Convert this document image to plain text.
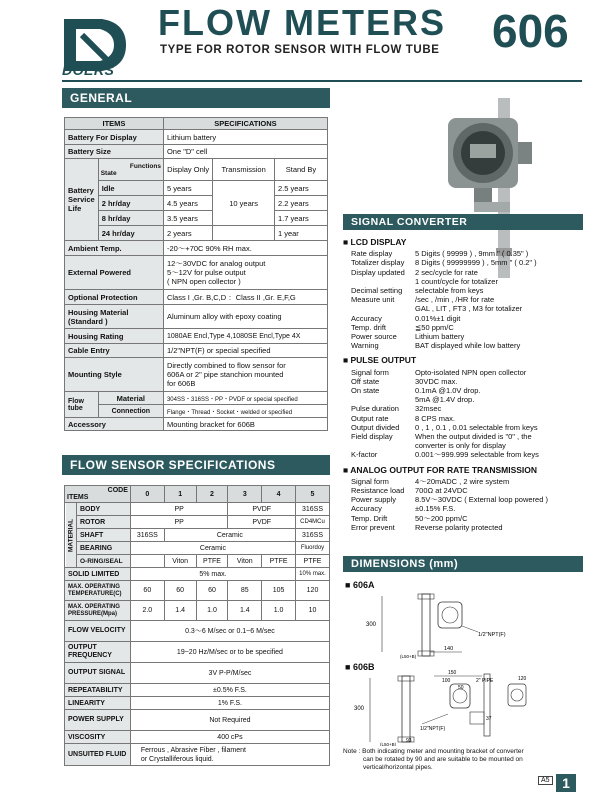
DOERS
FLOW METERS
TYPE FOR ROTOR SENSOR WITH FLOW TUBE 606
GENERAL
ITEMS		SPECIFICATIONS		
Battery For Display		Lithium battery		
Battery Size		One "D" cell		
Battery Service Life	Functions
State	Display Only	Transmission	Stand By
	Idle	5 years	10 years	2.5 years
	2 hr/day	4.5 years		2.2 years
	8 hr/day	3.5 years		1.7 years
	24 hr/day	2 years		1 year
Ambient Temp.		-20～+70C 90% RH max.		
External Powered		12～30VDC for analog output
5～12V for pulse output
( NPN open collector )		

Optional Protection		Class I ,Gr. B,C,D ：Class II ,Gr. E,F,G		
Housing Material (Standard )		Aluminum alloy with epoxy coating		
Housing Rating		1080AE Encl,Type 4,1080SE Encl,Type 4X		
Cable Entry		1/2"NPT(F) or special specified		
Mounting Style		Directly combined to flow sensor for
606A or 2" pipe stanchion mounted
for 606B		

Flow tube	Material	304SS・316SS・PP・PVDF or special specified		
	Connection	Flange・Thread・Socket・welded or specified		
Accessory		Mounting bracket for 606B		
FLOW SENSOR SPECIFICATIONS
CODE
ITEMS		0	1	2	3	4	5
MATERIAL	BODY	PP			PVDF		316SS
	ROTOR	PP			PVDF		CD4MCu
	SHAFT	316SS	Ceramic				316SS
	BEARING	Ceramic					Fluordoy
	O-RING/SEAL		Viton	PTFE	Viton	PTFE	PTFE
SOLID LIMITED		5% max.					10% max.
MAX. OPERATING TEMPERATURE(C)		60	60	60	85	105	120
MAX. OPERATING PRESSURE(Mpa)		2.0	1.4	1.0	1.4	1.0	10
FLOW VELOCITY		0.3～6 M/sec or 0.1~6 M/sec					
OUTPUT FREQUENCY		19~20 Hz/M/sec or to be specified					
OUTPUT SIGNAL		3V P-P/M/sec					
REPEATABILITY		±0.5% F.S.					
LINEARITY		1% F.S.					
POWER SUPPLY		Not Required					
VISCOSITY		400 cPs					
UNSUITED FLUID		Ferrous , Abrasive Fiber , filament
or Crystalliferous liquid.					
SIGNAL CONVERTER
■ LCD DISPLAY
Rate display	5 Digits ( 99999 ) , 9mm " ( 0.35" )
Totalizer display	8 Digits ( 99999999 ) , 5mm " ( 0.2" )
Display updated	2 sec/cycle for rate
1 count/cycle for totalizer
Decimal setting	selectable from keys
Measure unit	/sec , /min , /HR for rate
GAL , LIT , FT3 , M3 for totalizer
Accuracy	0.01%±1 digit
Temp. drift	≦50 ppm/C
Power source	Lithium battery
Warning	BAT displayed while low battery
■ PULSE OUTPUT
Signal form	Opto-isolated NPN open collector
Off state	30VDC max.
On state	0.1mA @1.0V drop.
5mA @1.4V drop.
Pulse duration	32msec
Output rate	8 CPS max.
Output divided	0 , 1 , 0.1 , 0.01 selectable from keys
Field display	When the output divided is "0" , the
converter is only for display
K-factor	0.001～999.999 selectable from keys
■ ANALOG OUTPUT FOR RATE TRANSMISSION
Signal form	4～20mADC , 2 wire system
Resistance load	700Ω at 24VDC
Power supply	8.5V～30VDC ( External loop powered )
Accuracy	±0.15% F.S.
Temp. Drift	50～200 ppm/C
Error prevent	Reverse polarity protected
DIMENSIONS (mm)
■ 606A
300
1/2"NPT(F)
140
(L50+B)
■ 606B
300
150
100
50
2" PIPE	120
37
1/2"NPT(F)
93
(L50+B)
Note : Both indicating meter and mounting bracket of converter
can be rotated by 90 and are suitable to be mounted on
vertical/horizontal pipes.
A5 1
